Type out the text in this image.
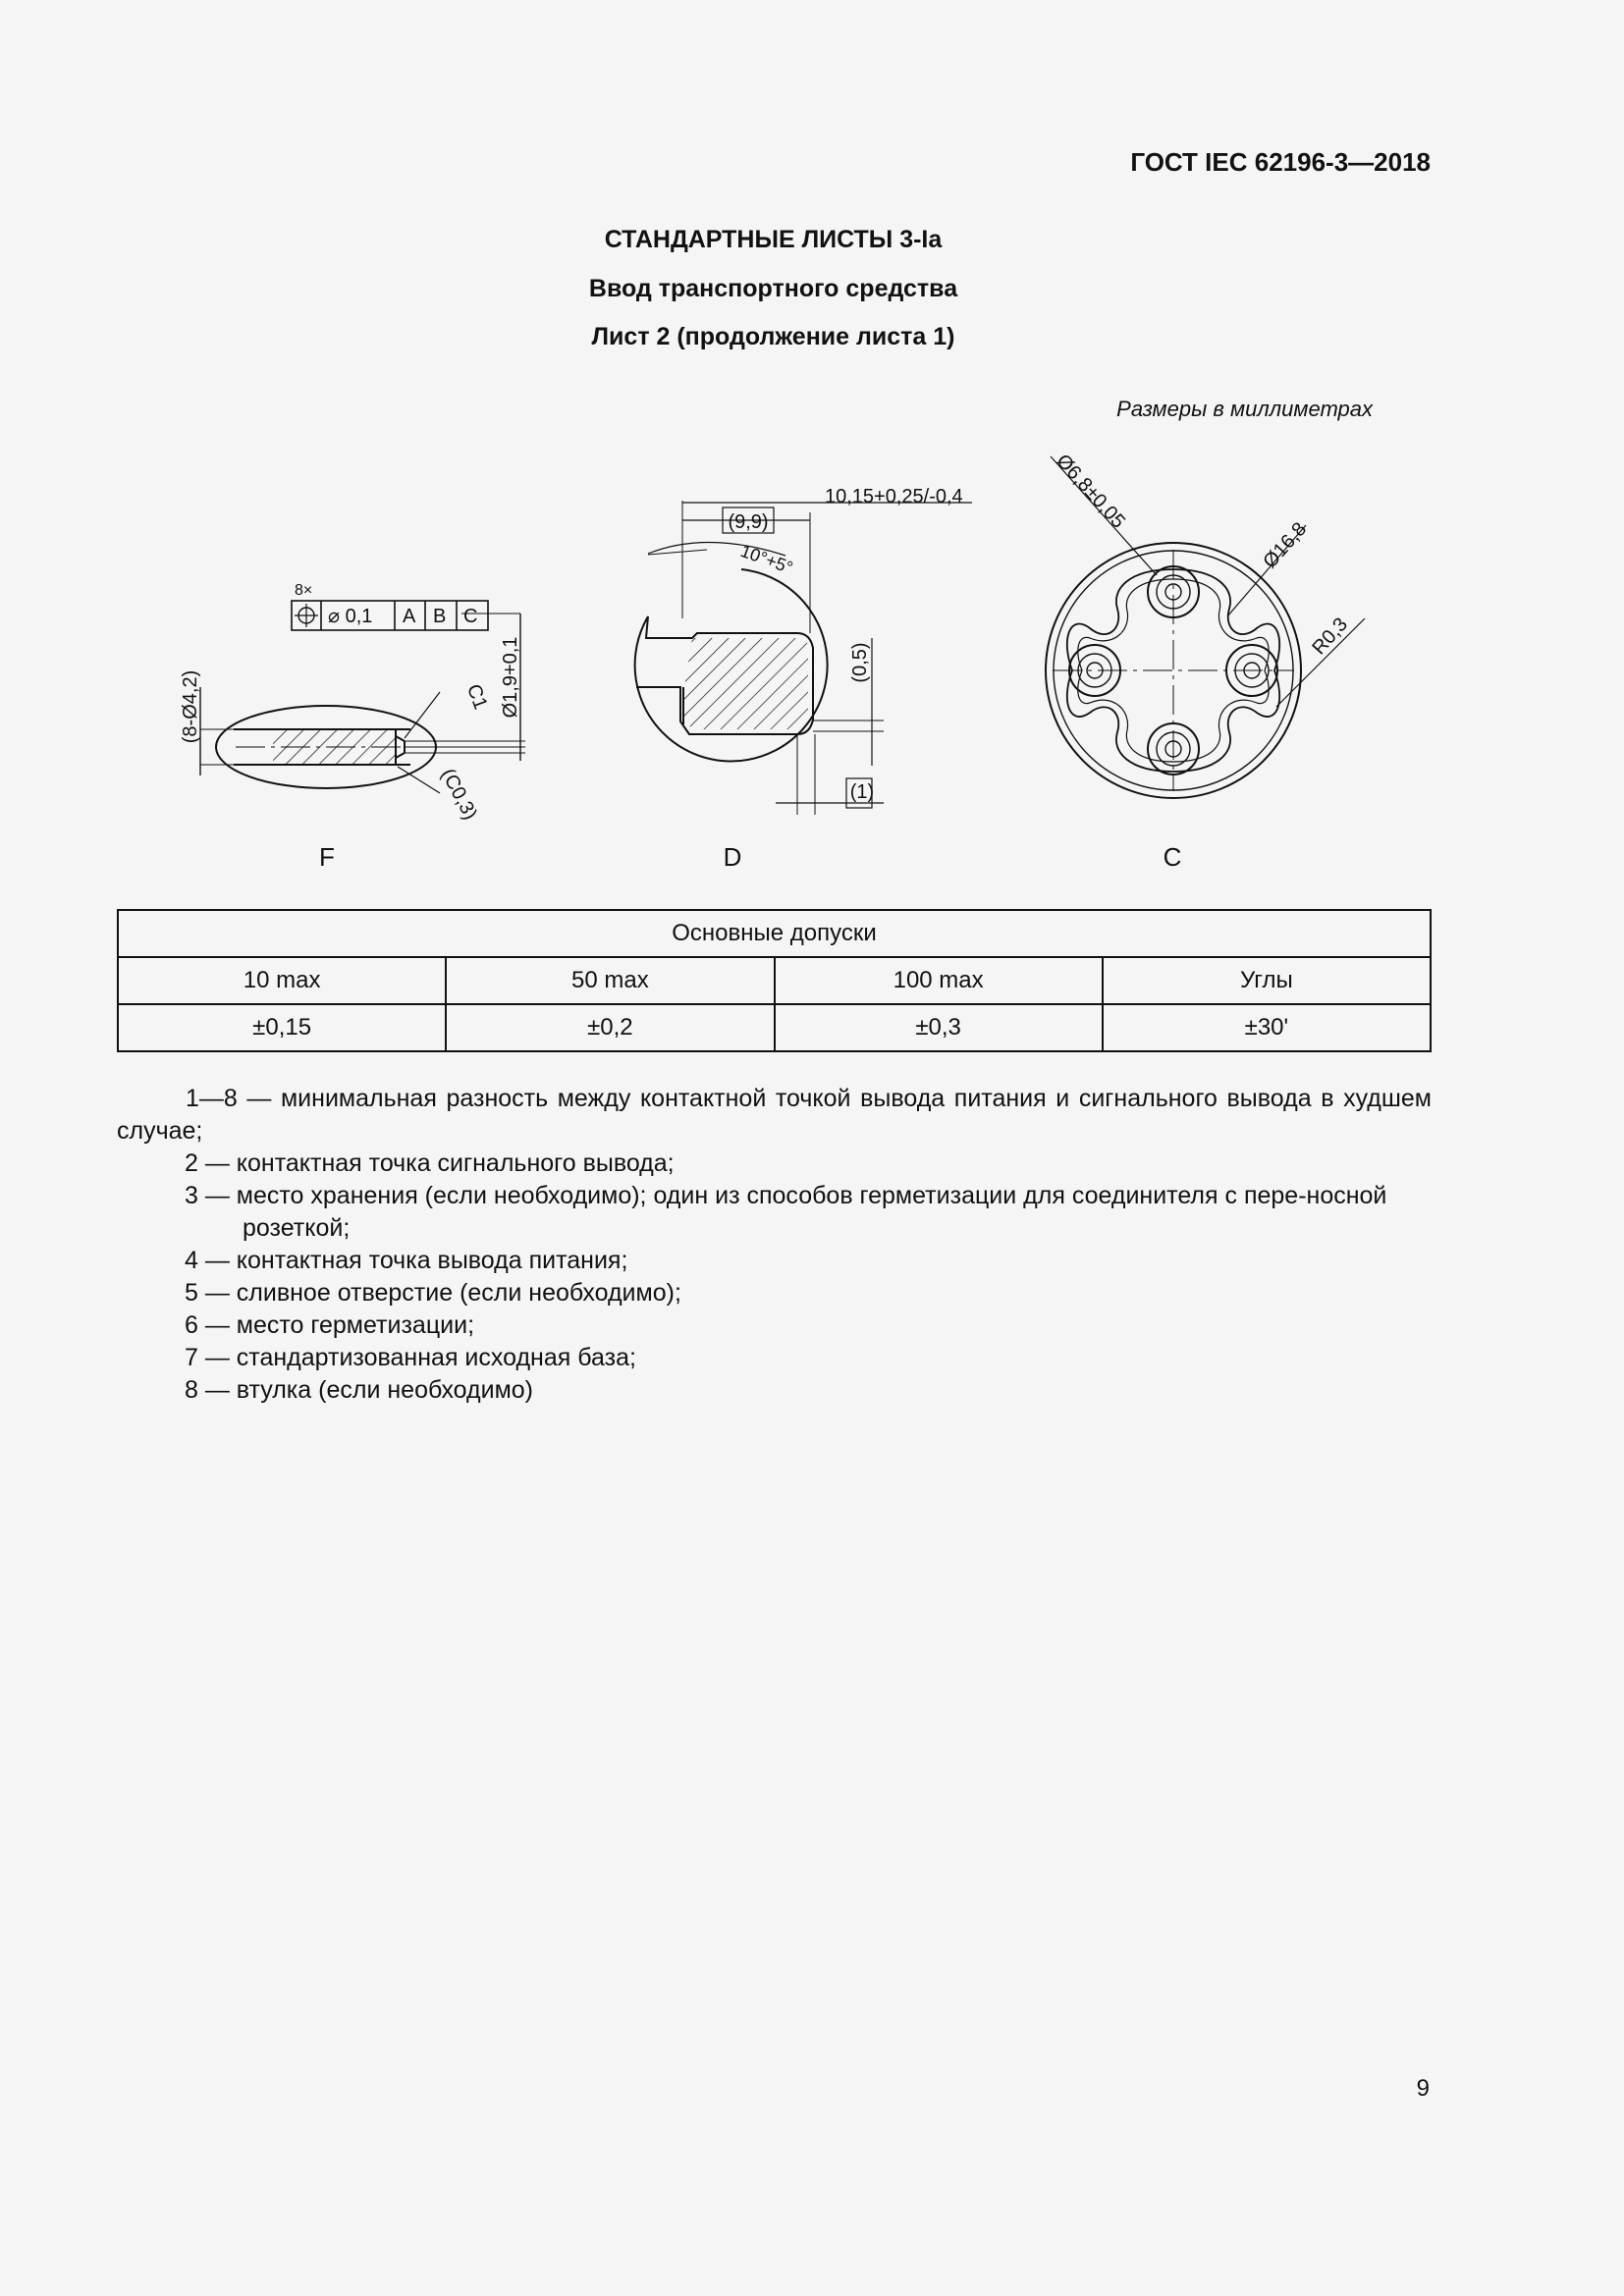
ГОСТ IEC 62196-3—2018
СТАНДАРТНЫЕ ЛИСТЫ 3-Ia
Ввод транспортного средства
Лист 2 (продолжение листа 1)
Размеры в миллиметрах
8×
⌀ 0,1 A B C
(8-Ø4,2)	Ø1,9+0,1
C1
(C0,3)
10,15+0,25/-0,4
(9,9)
10°+5°
(0,5)
(1)
Ø6,8±0,05
Ø16,8
R0,3
F	D	C
Основные допуски			
10 max	50 max	100 max	Углы
±0,15	±0,2	±0,3	±30'

1—8 — минимальная разность между контактной точкой вывода питания и сигнального вывода в худшем случае;

2 — контактная точка сигнального вывода;

3 — место хранения (если необходимо); один из способов герметизации для соединителя с пере-носной розеткой;

4 — контактная точка вывода питания;

5 — сливное отверстие (если необходимо);

6 — место герметизации;

7 — стандартизованная исходная база;

8 — втулка (если необходимо)

9
